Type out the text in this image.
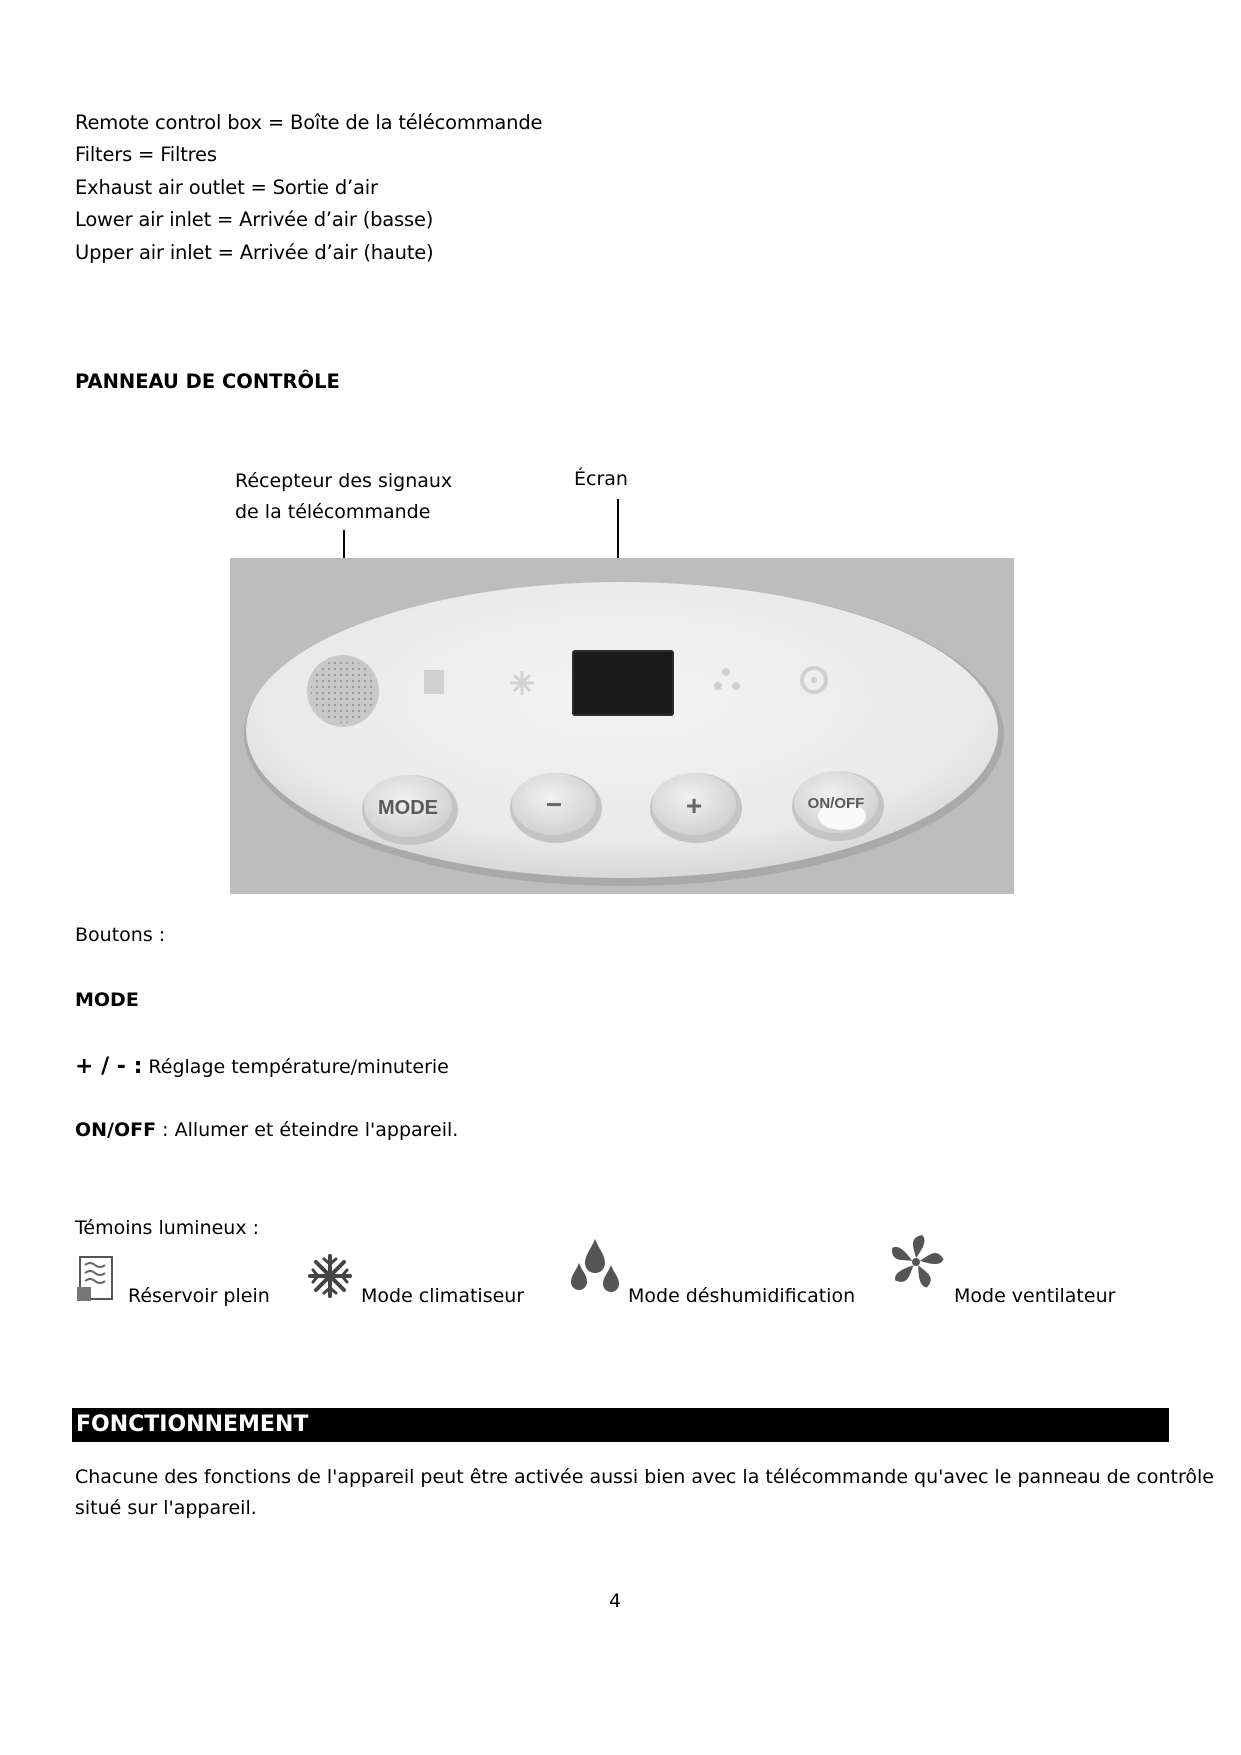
Remote control box = Boîte de la télécommande
Filters = Filtres
Exhaust air outlet = Sortie d’air
Lower air inlet = Arrivée d’air (basse)
Upper air inlet = Arrivée d’air (haute)
PANNEAU DE CONTRÔLE
Récepteur des signaux
de la télécommande
Écran
MODE	−	+	ON/OFF
Boutons :
MODE
+ / - : Réglage température/minuterie
ON/OFF : Allumer et éteindre l'appareil.
Témoins lumineux :
Réservoir plein	Mode climatiseur	Mode déshumidification	Mode ventilateur
FONCTIONNEMENT
Chacune des fonctions de l'appareil peut être activée aussi bien avec la télécommande qu'avec le panneau de contrôle
situé sur l'appareil.
4
